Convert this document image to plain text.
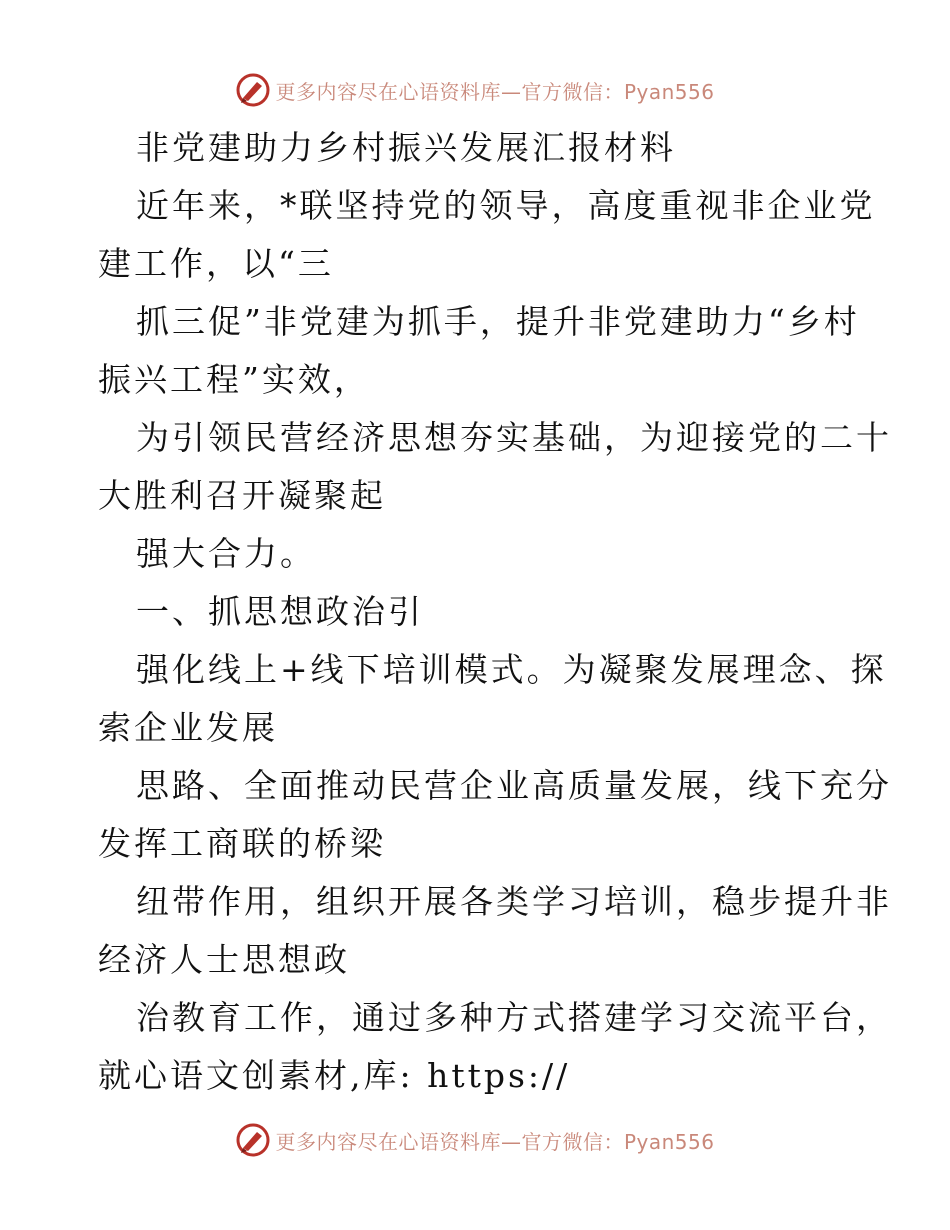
更多内容尽在心语资料库—官方微信：Pyan556
非党建助力乡村振兴发展汇报材料
近年来，*联坚持党的领导，高度重视非企业党
建工作，以“三
抓三促”非党建为抓手，提升非党建助力“乡村
振兴工程”实效，
为引领民营经济思想夯实基础，为迎接党的二十
大胜利召开凝聚起
强大合力。
一、抓思想政治引
强化线上+线下培训模式。为凝聚发展理念、探
索企业发展
思路、全面推动民营企业高质量发展，线下充分
发挥工商联的桥梁
纽带作用，组织开展各类学习培训，稳步提升非
经济人士思想政
治教育工作，通过多种方式搭建学习交流平台，
就心语文创素材,库: https://
更多内容尽在心语资料库—官方微信：Pyan556
